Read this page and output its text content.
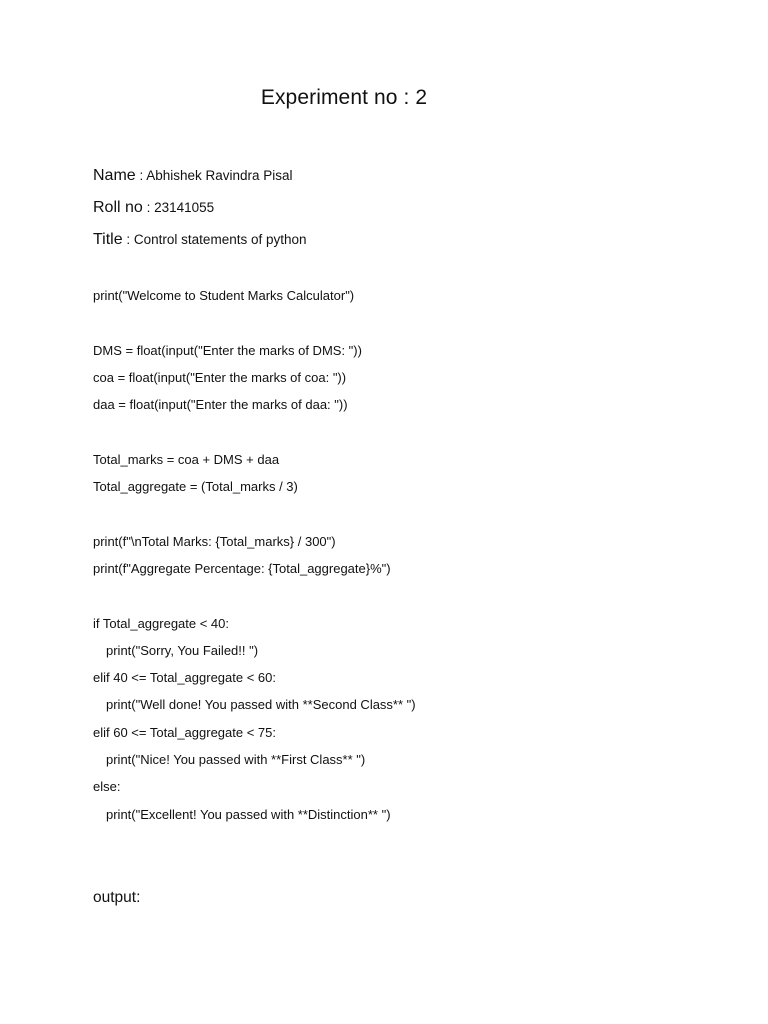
Experiment no : 2
Name : Abhishek Ravindra Pisal
Roll no : 23141055
Title : Control statements of python
print("Welcome to Student Marks Calculator")
DMS = float(input("Enter the marks of DMS: "))
coa = float(input("Enter the marks of coa: "))
daa = float(input("Enter the marks of daa: "))
Total_marks = coa + DMS + daa
Total_aggregate = (Total_marks / 3)
print(f"\nTotal Marks: {Total_marks} / 300")
print(f"Aggregate Percentage: {Total_aggregate}%")
if Total_aggregate < 40:
print("Sorry, You Failed!! ")
elif 40 <= Total_aggregate < 60:
print("Well done! You passed with **Second Class** ")
elif 60 <= Total_aggregate < 75:
print("Nice! You passed with **First Class** ")
else:
print("Excellent! You passed with **Distinction** ")
output:
